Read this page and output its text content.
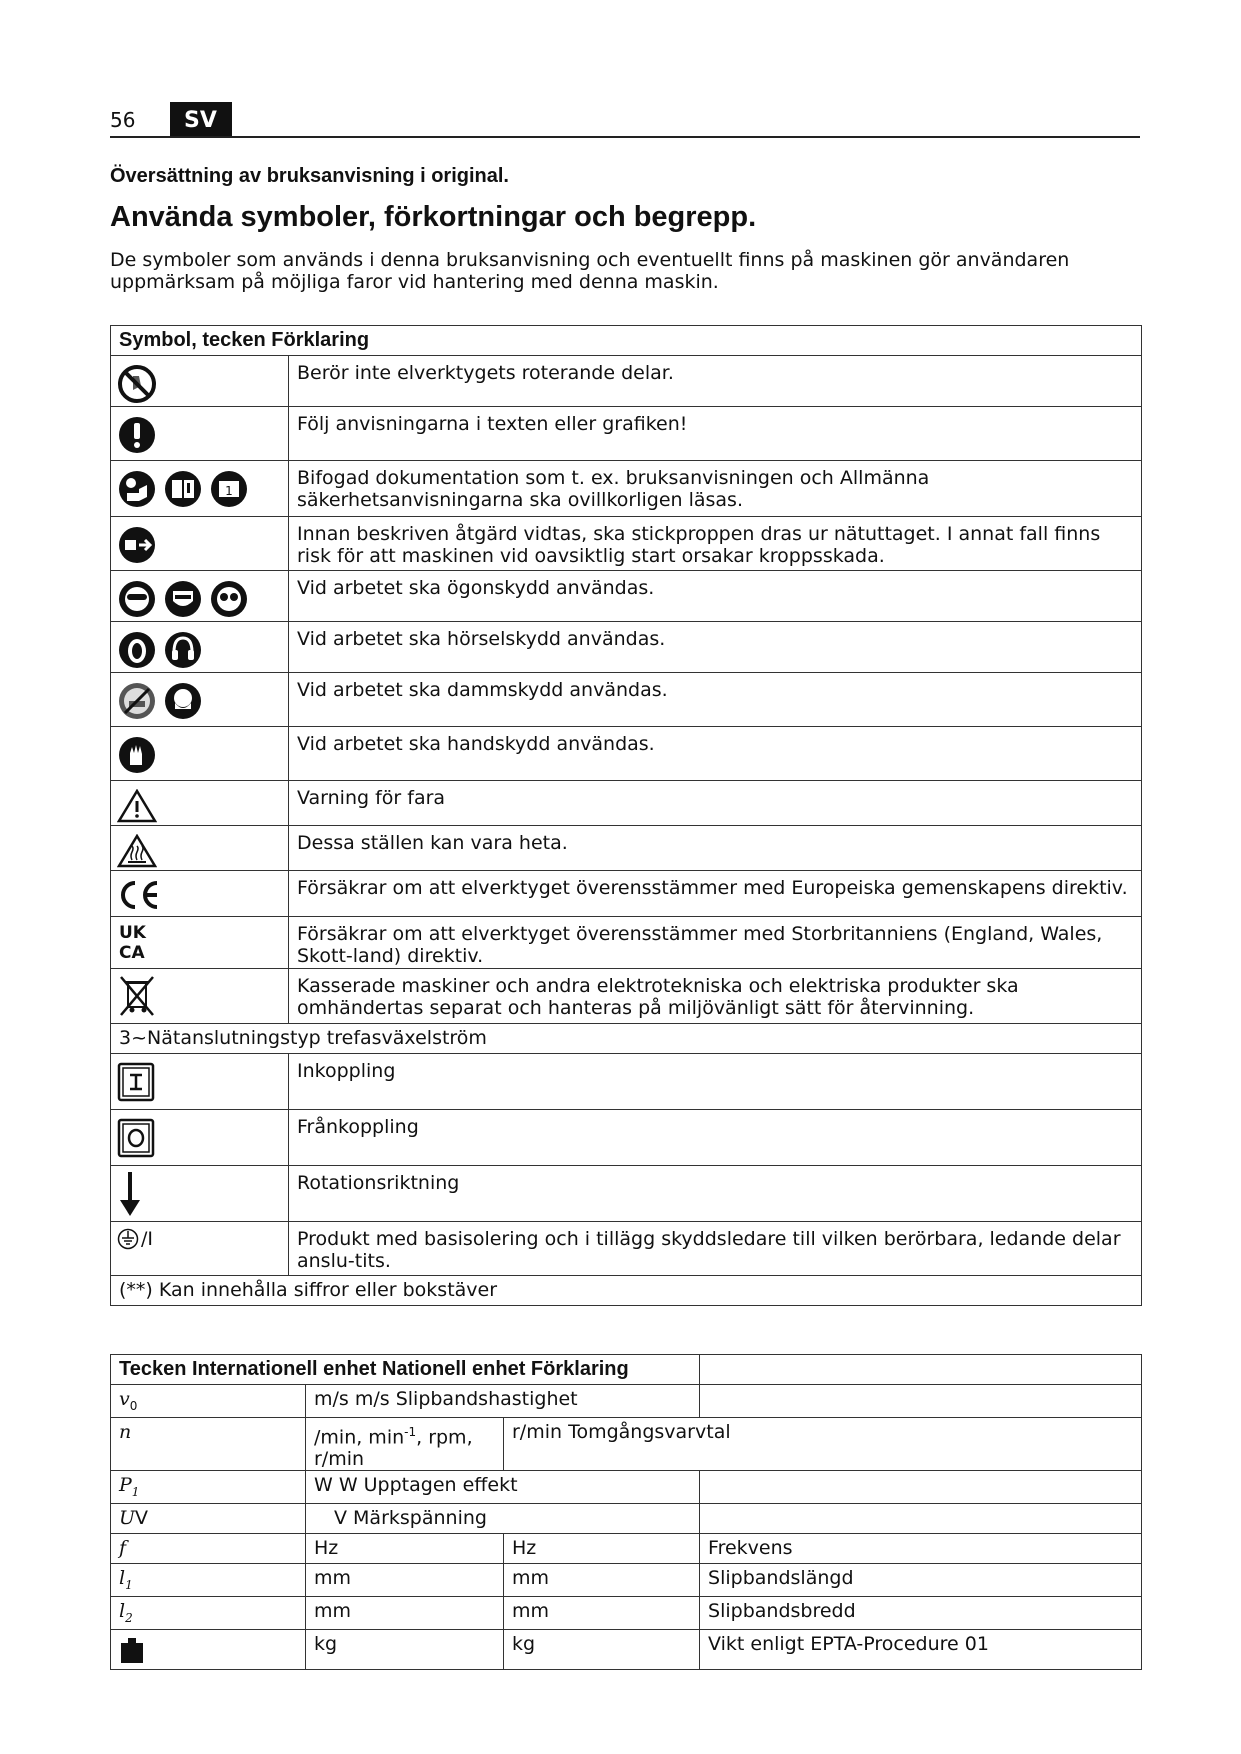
56	SV
Översättning av bruksanvisning i original.
Använda symboler, förkortningar och begrepp.
De symboler som används i denna bruksanvisning och eventuellt finns på maskinen gör användaren uppmärksam på möjliga faror vid hantering med denna maskin.
Symbol, tecken Förklaring	

	Berör inte elverktygets roterande delar.

	Följ anvisningarna i texten eller grafiken!

1	Bifogad dokumentation som t. ex. bruksanvisningen och Allmänna säkerhetsanvisningarna ska ovillkorligen läsas.

	Innan beskriven åtgärd vidtas, ska stickproppen dras ur nätuttaget. I annat fall finns risk för att maskinen vid oavsiktlig start orsakar kroppsskada.

	Vid arbetet ska ögonskydd användas.

	Vid arbetet ska hörselskydd användas.

	Vid arbetet ska dammskydd användas.

	Vid arbetet ska handskydd användas.

	Varning för fara

	Dessa ställen kan vara heta.

	Försäkrar om att elverktyget överensstämmer med Europeiska gemenskapens direktiv.

UK
CA	Försäkrar om att elverktyget överensstämmer med Storbritanniens (England, Wales, Skott-land) direktiv.

	Kasserade maskiner och andra elektrotekniska och elektriska produkter ska omhändertas separat och hanteras på miljövänligt sätt för återvinning.
3~Nätanslutningstyp trefasväxelström	

	Inkoppling

	Frånkoppling

	Rotationsriktning

/I	Produkt med basisolering och i tillägg skyddsledare till vilken berörbara, ledande delar anslu-tits.
(**) Kan innehålla siffror eller bokstäver	
Tecken Internationell enhet Nationell enhet Förklaring			
$v_0$	m/s m/s Slipbandshastighet		
n	/min, $\min^{-1}$, rpm, r/min	r/min Tomgångsvarvtal	
$P_1$	W W Upptagen effekt		
UV	V Märkspänning		
f	Hz	Hz	Frekvens
$l_1$	mm	mm	Slipbandslängd
$l_2$	mm	mm	Slipbandsbredd
	kg	kg	Vikt enligt EPTA-Procedure 01
